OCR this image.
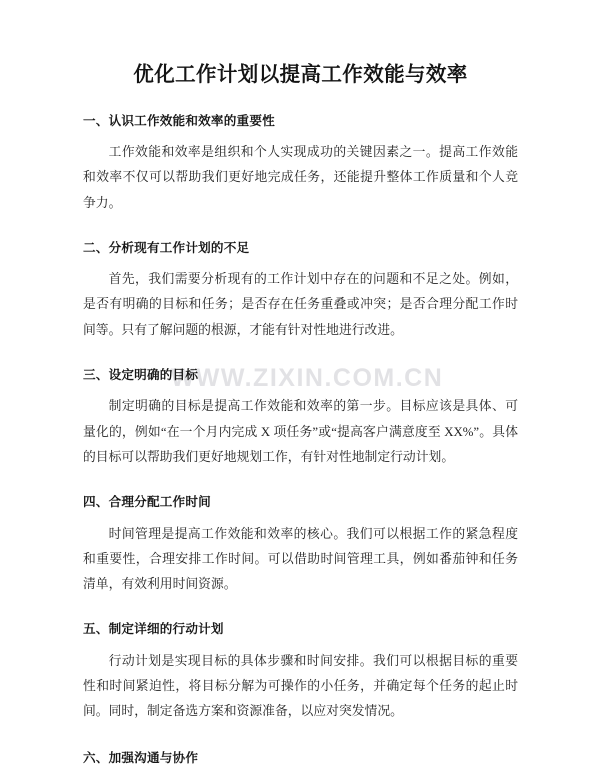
WWW.ZIXIN.COM.CN
优化工作计划以提高工作效能与效率
一、认识工作效能和效率的重要性

工作效能和效率是组织和个人实现成功的关键因素之一。提高工作效能和效率不仅可以帮助我们更好地完成任务，还能提升整体工作质量和个人竞争力。

二、分析现有工作计划的不足

首先，我们需要分析现有的工作计划中存在的问题和不足之处。例如，是否有明确的目标和任务；是否存在任务重叠或冲突；是否合理分配工作时间等。只有了解问题的根源，才能有针对性地进行改进。

三、设定明确的目标

制定明确的目标是提高工作效能和效率的第一步。目标应该是具体、可量化的，例如“在一个月内完成 X 项任务”或“提高客户满意度至 XX%”。具体的目标可以帮助我们更好地规划工作，有针对性地制定行动计划。

四、合理分配工作时间

时间管理是提高工作效能和效率的核心。我们可以根据工作的紧急程度和重要性，合理安排工作时间。可以借助时间管理工具，例如番茄钟和任务清单，有效利用时间资源。

五、制定详细的行动计划

行动计划是实现目标的具体步骤和时间安排。我们可以根据目标的重要性和时间紧迫性，将目标分解为可操作的小任务，并确定每个任务的起止时间。同时，制定备选方案和资源准备，以应对突发情况。

六、加强沟通与协作
